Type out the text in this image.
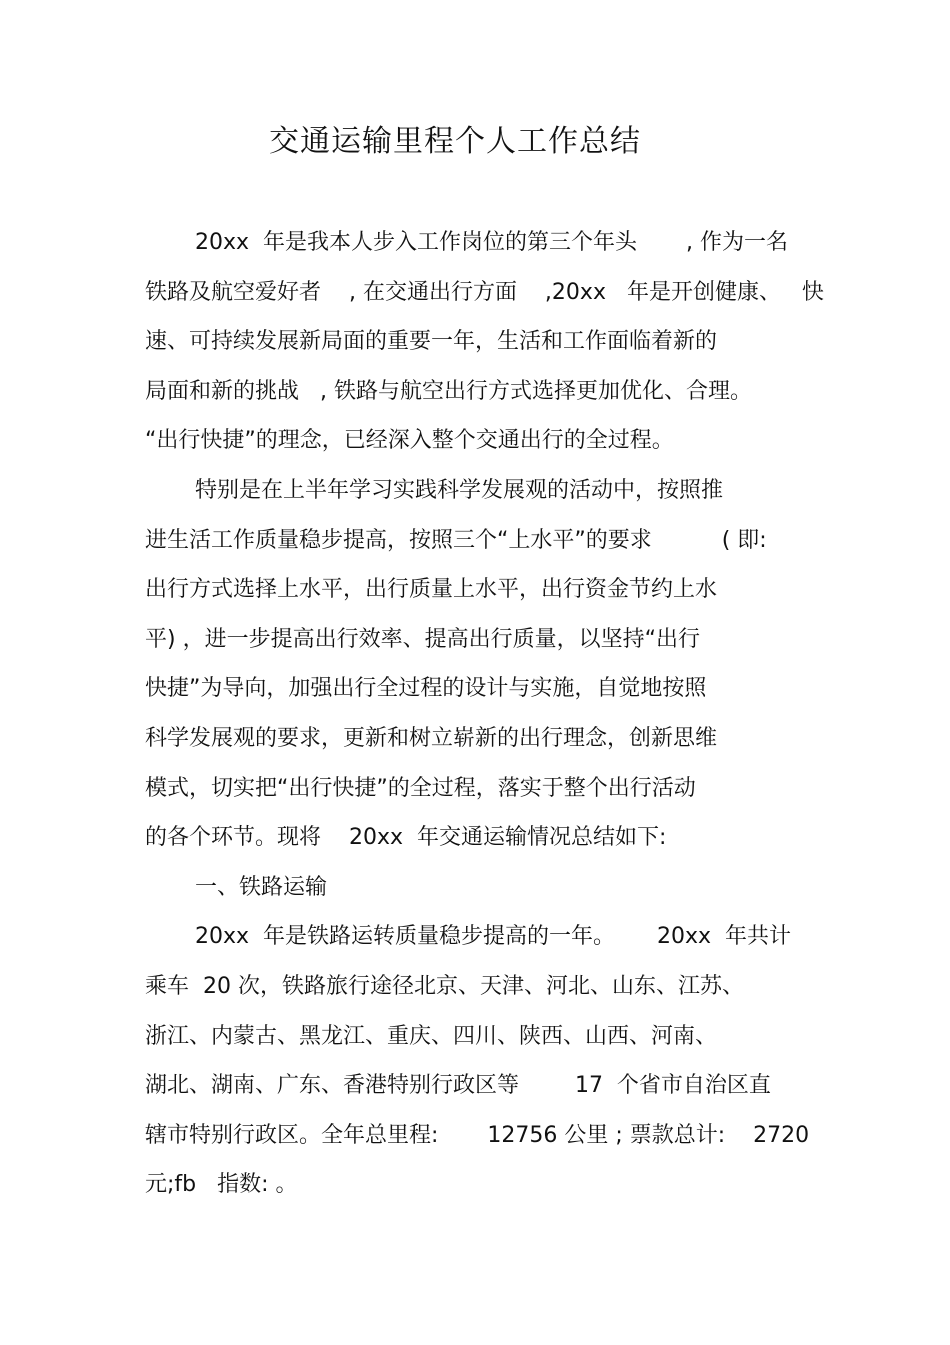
交通运输里程个人工作总结
20xx  年是我本人步入工作岗位的第三个年头       , 作为一名
铁路及航空爱好者    , 在交通出行方面    ,20xx   年是开创健康、   快
速、可持续发展新局面的重要一年，生活和工作面临着新的
局面和新的挑战   , 铁路与航空出行方式选择更加优化、合理。
“出行快捷”的理念，已经深入整个交通出行的全过程。
特别是在上半年学习实践科学发展观的活动中，按照推
进生活工作质量稳步提高，按照三个“上水平”的要求          ( 即:
出行方式选择上水平，出行质量上水平，出行资金节约上水
平) ，进一步提高出行效率、提高出行质量，以坚持“出行
快捷”为导向，加强出行全过程的设计与实施，自觉地按照
科学发展观的要求，更新和树立崭新的出行理念，创新思维
模式，切实把“出行快捷”的全过程，落实于整个出行活动
的各个环节。现将    20xx  年交通运输情况总结如下:
一、铁路运输
20xx  年是铁路运转质量稳步提高的一年。      20xx  年共计
乘车  20 次，铁路旅行途径北京、天津、河北、山东、江苏、
浙江、内蒙古、黑龙江、重庆、四川、陕西、山西、河南、
湖北、湖南、广东、香港特别行政区等        17  个省市自治区直
辖市特别行政区。全年总里程:       12756 公里 ; 票款总计:    2720
元;fb   指数: 。
